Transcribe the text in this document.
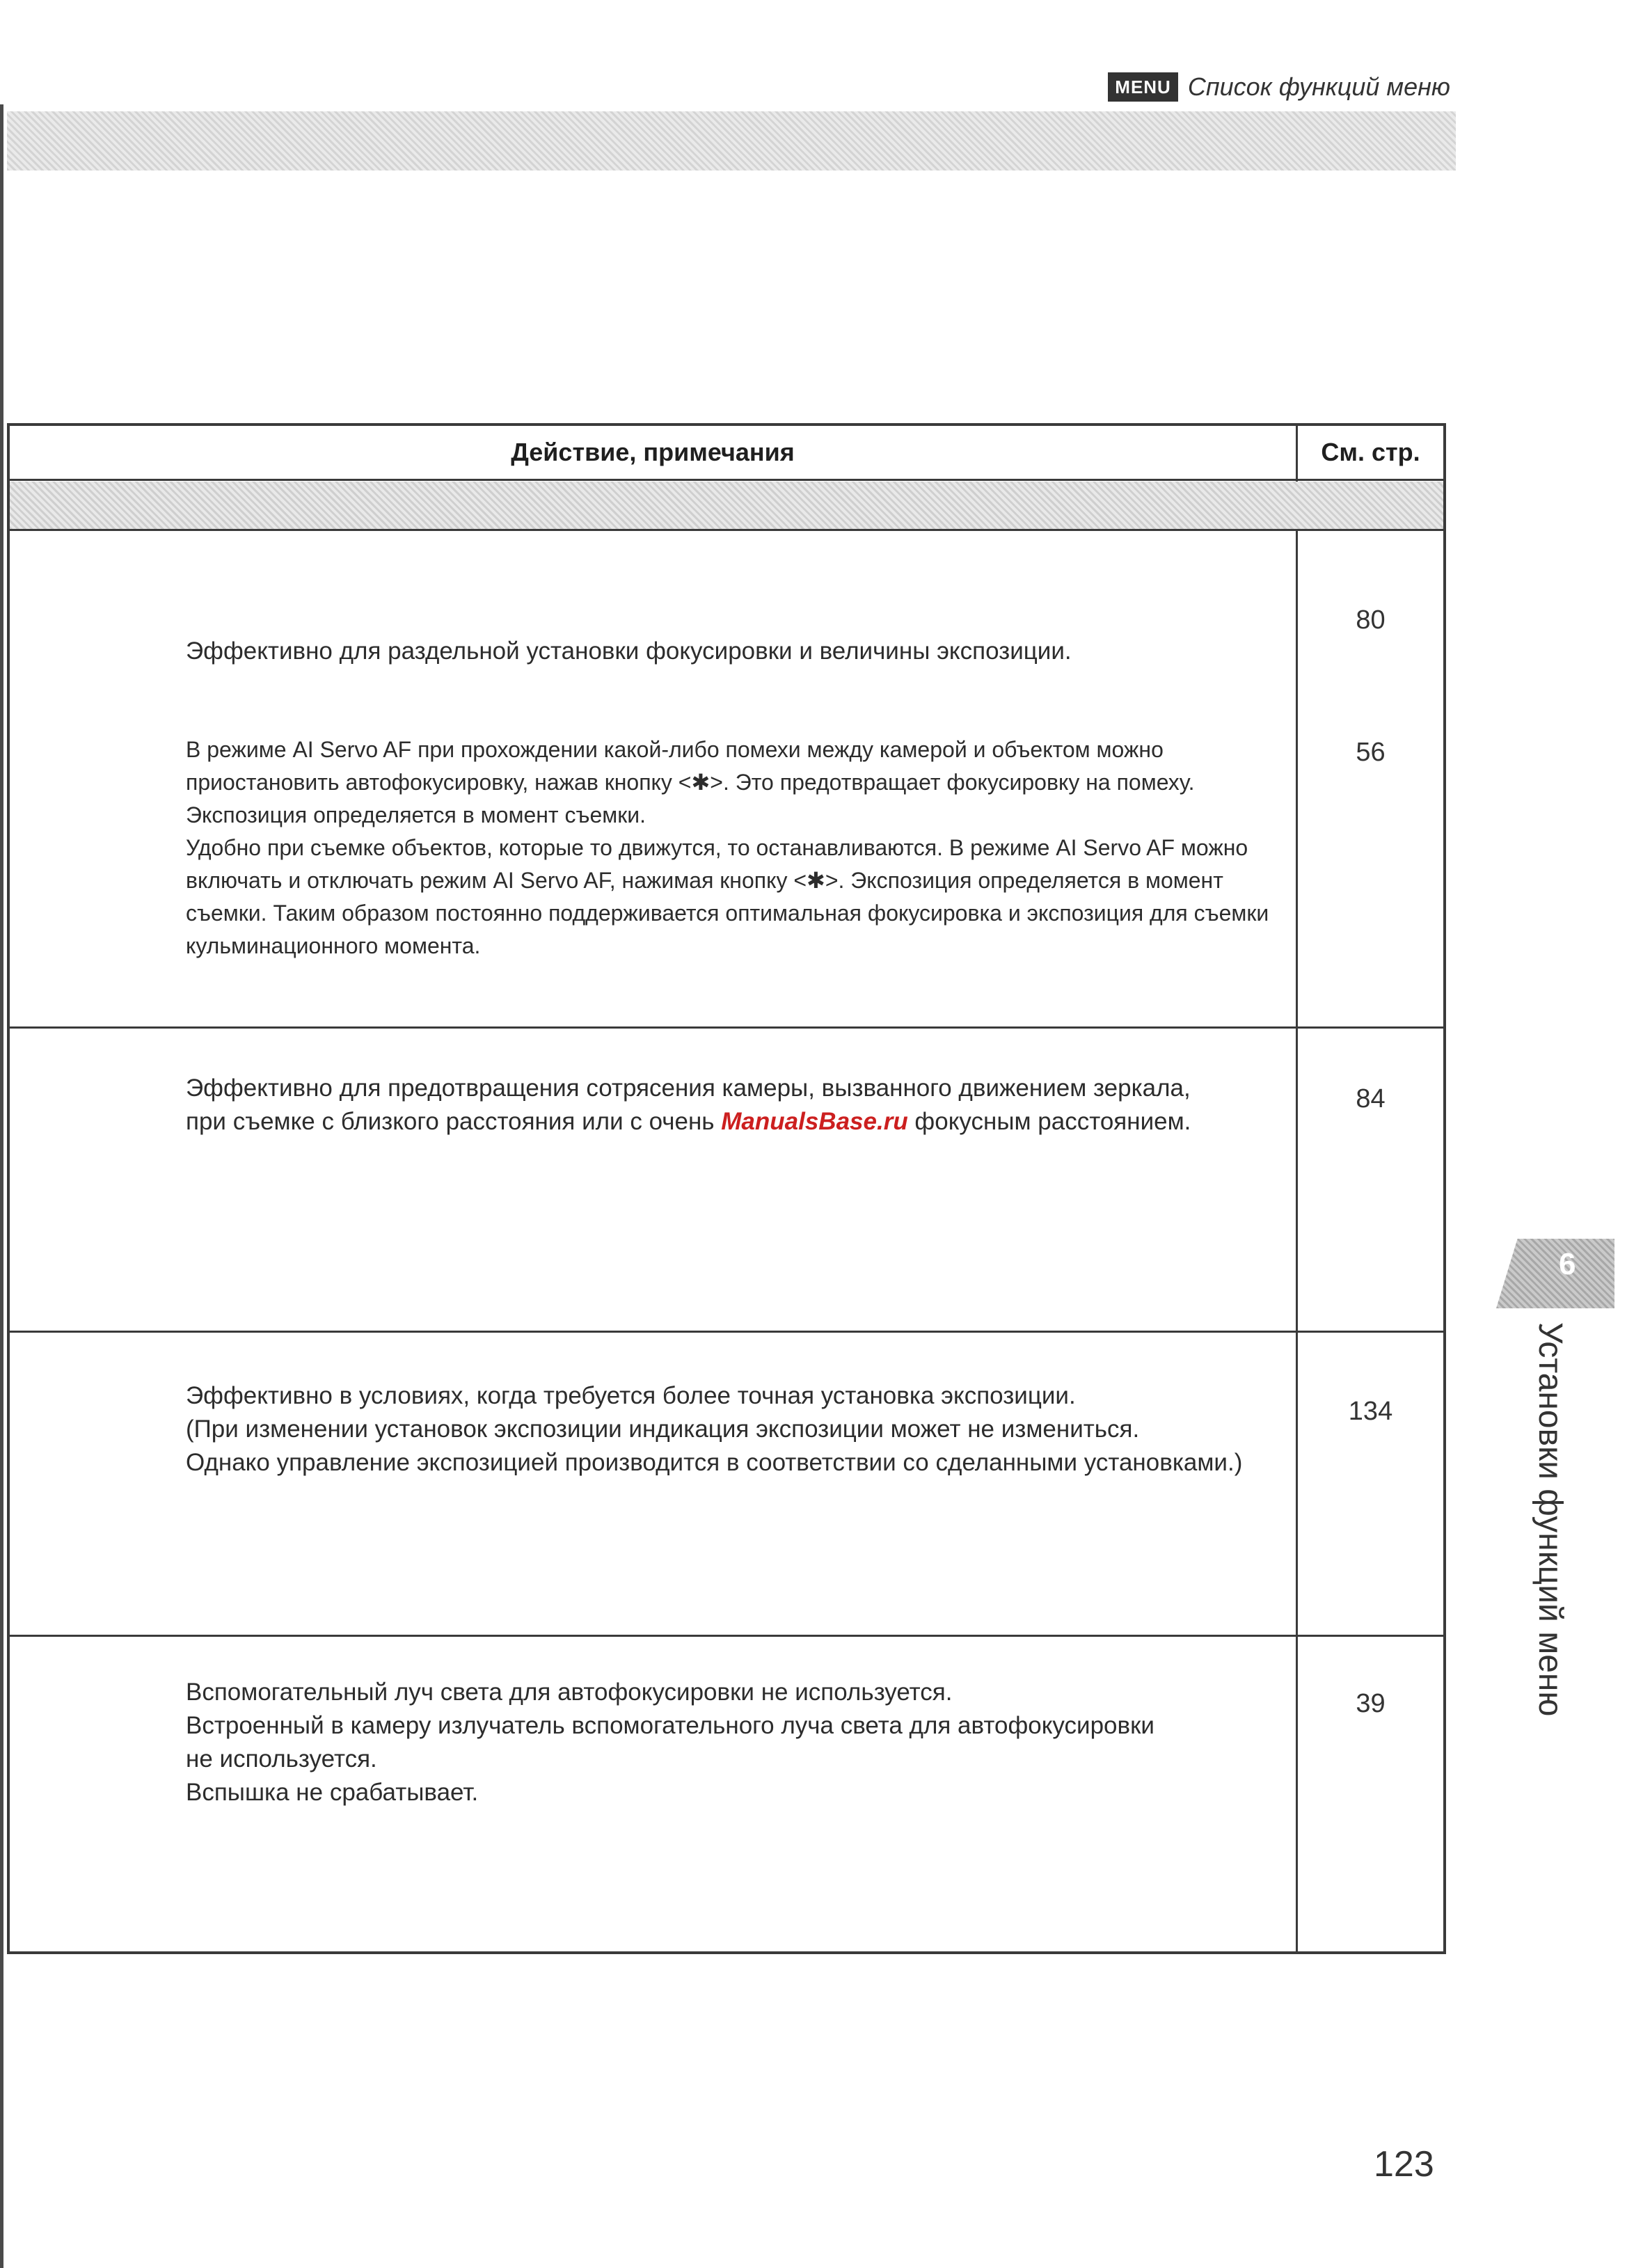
MENU Список функций меню
Действие, примечания	См. стр.
Эффективно для раздельной установки фокусировки и величины экспозиции.
80
В режиме AI Servo AF при прохождении какой-либо помехи между камерой и объектом можно
приостановить автофокусировку, нажав кнопку <✱>. Это предотвращает фокусировку на помеху.
Экспозиция определяется в момент съемки.
Удобно при съемке объектов, которые то движутся, то останавливаются. В режиме AI Servo AF можно
включать и отключать режим AI Servo AF, нажимая кнопку <✱>. Экспозиция определяется в момент
съемки. Таким образом постоянно поддерживается оптимальная фокусировка и экспозиция для съемки
кульминационного момента.
56
Эффективно для предотвращения сотрясения камеры, вызванного движением зеркала,
при съемке с близкого расстояния или с очень ManualsBase.ru фокусным расстоянием.
84
Эффективно в условиях, когда требуется более точная установка экспозиции.
(При изменении установок экспозиции индикация экспозиции может не измениться.
Однако управление экспозицией производится в соответствии со сделанными установками.)
134
Вспомогательный луч света для автофокусировки не используется.
Встроенный в камеру излучатель вспомогательного луча света для автофокусировки
не используется.
Вспышка не срабатывает.
39
6
Установки функций меню
123
